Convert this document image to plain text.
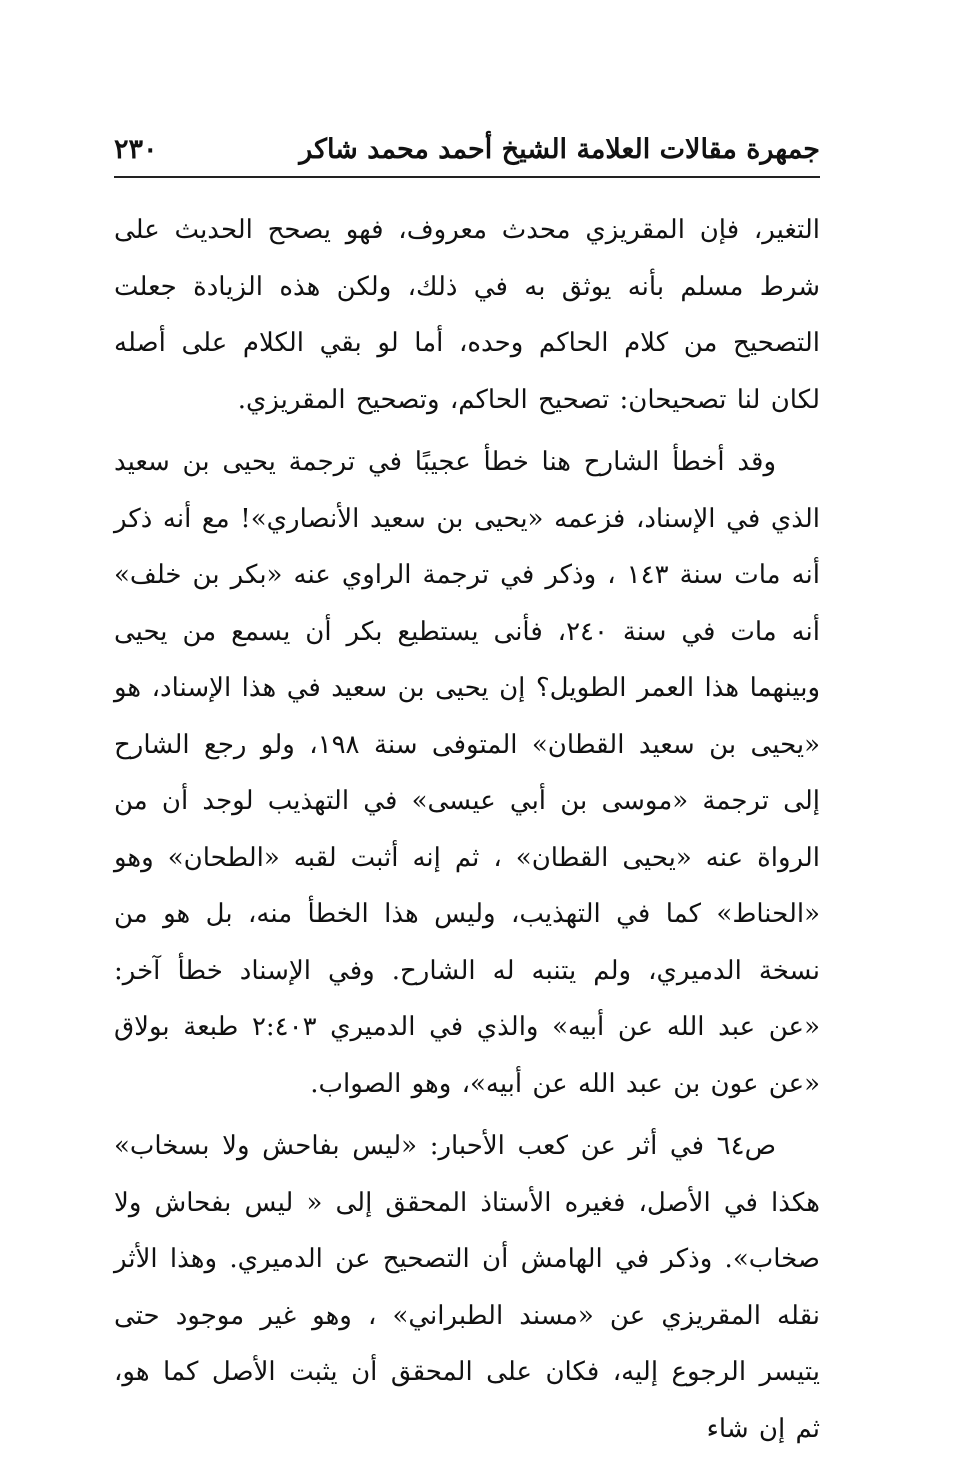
جمهرة مقالات العلامة الشيخ أحمد محمد شاكر
٢٣٠

التغير، فإن المقريزي محدث معروف، فهو يصحح الحديث على شرط مسلم بأنه يوثق به في ذلك، ولكن هذه الزيادة جعلت التصحيح من كلام الحاكم وحده، أما لو بقي الكلام على أصله لكان لنا تصحيحان: تصحيح الحاكم، وتصحيح المقريزي.

وقد أخطأ الشارح هنا خطأ عجيبًا في ترجمة يحيى بن سعيد الذي في الإسناد، فزعمه «يحيى بن سعيد الأنصاري»! مع أنه ذكر أنه مات سنة ١٤٣ ، وذكر في ترجمة الراوي عنه «بكر بن خلف» أنه مات في سنة ٢٤٠، فأنى يستطيع بكر أن يسمع من يحيى وبينهما هذا العمر الطويل؟ إن يحيى بن سعيد في هذا الإسناد، هو «يحيى بن سعيد القطان» المتوفى سنة ١٩٨، ولو رجع الشارح إلى ترجمة «موسى بن أبي عيسى» في التهذيب لوجد أن من الرواة عنه «يحيى القطان» ، ثم إنه أثبت لقبه «الطحان» وهو «الحناط» كما في التهذيب، وليس هذا الخطأ منه، بل هو من نسخة الدميري، ولم يتنبه له الشارح. وفي الإسناد خطأ آخر: «عن عبد الله عن أبيه» والذي في الدميري ٢:٤٠٣ طبعة بولاق «عن عون بن عبد الله عن أبيه»، وهو الصواب.

ص٦٤ في أثر عن كعب الأحبار: «ليس بفاحش ولا بسخاب» هكذا في الأصل، فغيره الأستاذ المحقق إلى « ليس بفحاش ولا صخاب». وذكر في الهامش أن التصحيح عن الدميري. وهذا الأثر نقله المقريزي عن «مسند الطبراني» ، وهو غير موجود حتى يتيسر الرجوع إليه، فكان على المحقق أن يثبت الأصل كما هو، ثم إن شاء
